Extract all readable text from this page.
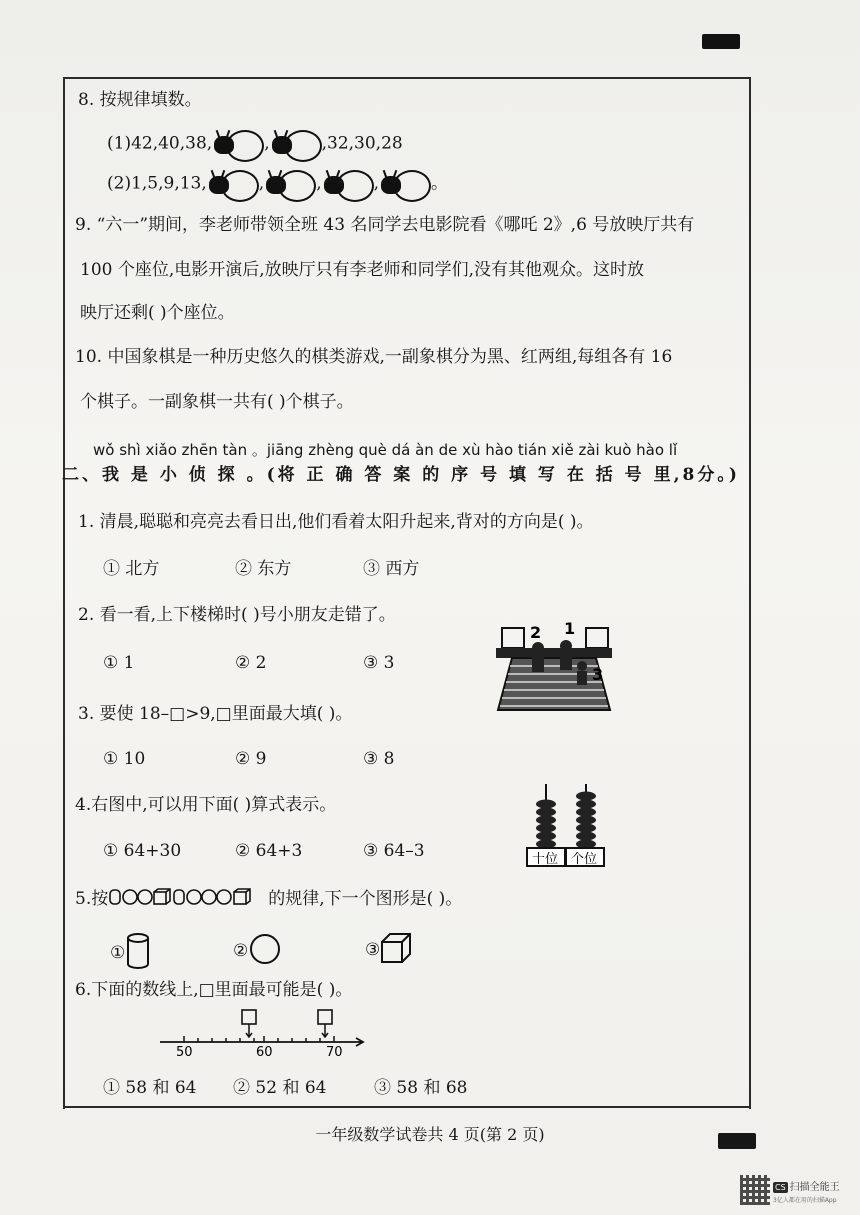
8. 按规律填数。
(1)42,40,38,	,	,32,30,28
(2)1,5,9,13,	,	,	,	。
9. “六一”期间，李老师带领全班 43 名同学去电影院看《哪吒 2》,6 号放映厅共有
100 个座位,电影开演后,放映厅只有李老师和同学们,没有其他观众。这时放
映厅还剩( )个座位。
10. 中国象棋是一种历史悠久的棋类游戏,一副象棋分为黑、红两组,每组各有 16
个棋子。一副象棋一共有( )个棋子。
wǒ shì xiǎo zhēn tàn 。jiāng zhèng què dá àn de xù hào tián xiě zài kuò hào lǐ
二、我 是 小 侦 探 。(将 正 确 答 案 的 序 号 填 写 在 括 号 里,8分。)
1. 清晨,聪聪和亮亮去看日出,他们看着太阳升起来,背对的方向是( )。
① 北方	② 东方	③ 西方
2. 看一看,上下楼梯时( )号小朋友走错了。
① 1	② 2	③ 3
2 1
3
3. 要使 18–□>9,□里面最大填( )。
① 10	② 9	③ 8
4.右图中,可以用下面( )算式表示。
① 64+30	② 64+3	③ 64–3	十位 个位
5.按	的规律,下一个图形是( )。
①	②	③
6.下面的数线上,□里面最可能是( )。
50	60	70
① 58 和 64 ② 52 和 64	③ 58 和 68
一年级数学试卷共 4 页(第 2 页)
CS 扫描全能王
3亿人都在用的扫描App
